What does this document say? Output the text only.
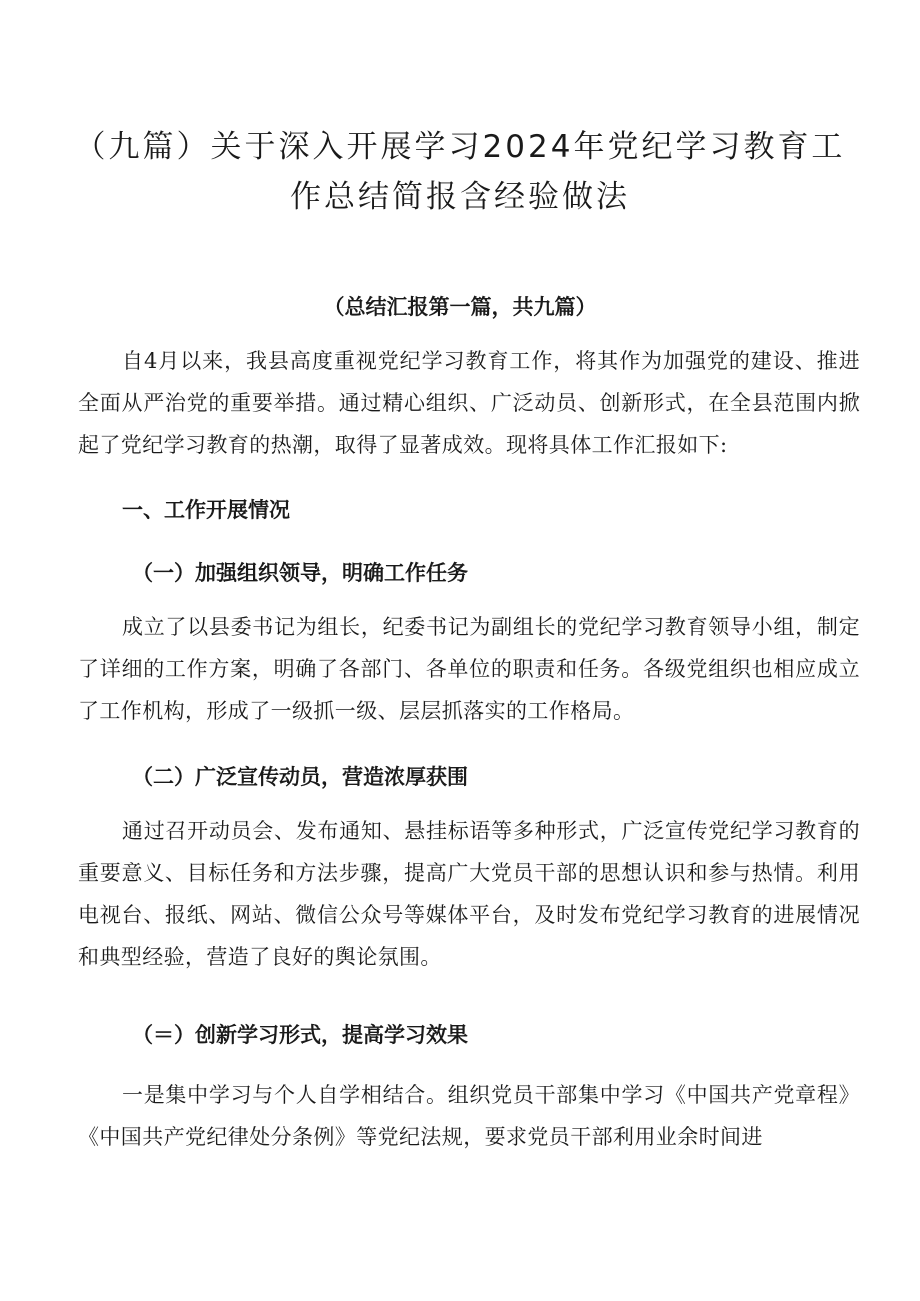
（九篇）关于深入开展学习2024年党纪学习教育工
作总结简报含经验做法

（总结汇报第一篇，共九篇）

自4月以来，我县高度重视党纪学习教育工作，将其作为加强党的建设、推进全面从严治党的重要举措。通过精心组织、广泛动员、创新形式，在全县范围内掀起了党纪学习教育的热潮，取得了显著成效。现将具体工作汇报如下:

一、工作开展情况

（一）加强组织领导，明确工作任务

成立了以县委书记为组长，纪委书记为副组长的党纪学习教育领导小组，制定了详细的工作方案，明确了各部门、各单位的职责和任务。各级党组织也相应成立了工作机构，形成了一级抓一级、层层抓落实的工作格局。

（二）广泛宣传动员，营造浓厚获围

通过召开动员会、发布通知、悬挂标语等多种形式，广泛宣传党纪学习教育的重要意义、目标任务和方法步骤，提高广大党员干部的思想认识和参与热情。利用电视台、报纸、网站、微信公众号等媒体平台，及时发布党纪学习教育的进展情况和典型经验，营造了良好的舆论氛围。

（＝）创新学习形式，提高学习效果

一是集中学习与个人自学相结合。组织党员干部集中学习《中国共产党章程》《中国共产党纪律处分条例》等党纪法规，要求党员干部利用业余时间进
